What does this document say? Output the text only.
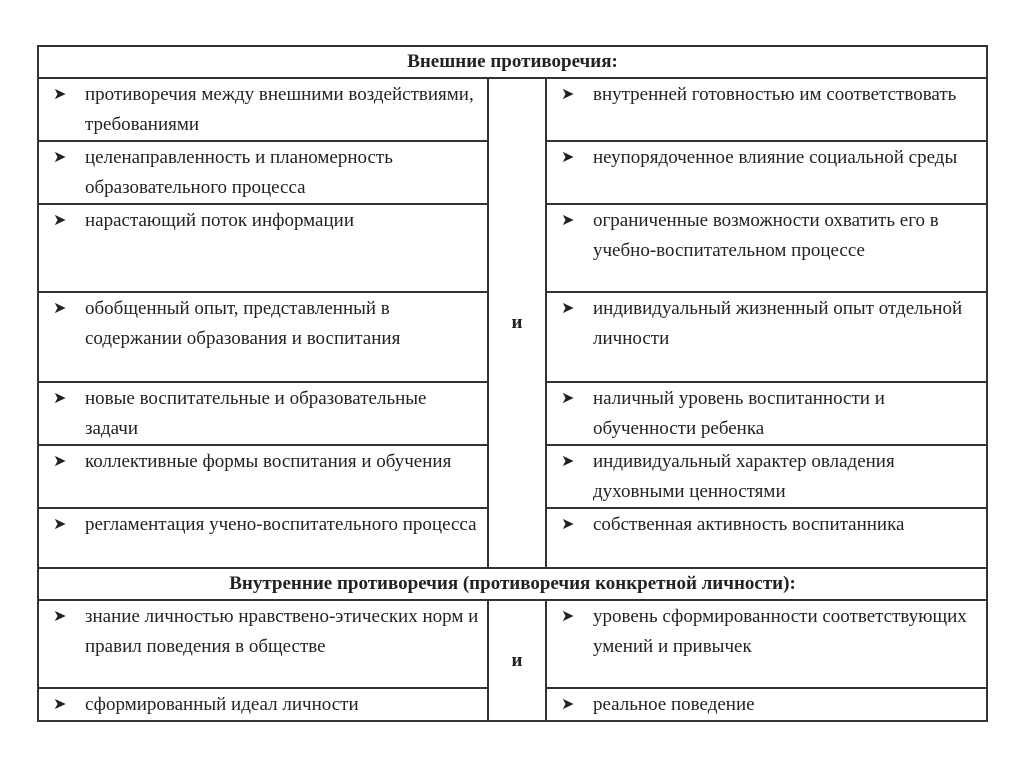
Внешние противоречия:		

➤ противоречия между внешними воздействиями, требованиями	и	➤ внутренней готовностью им соответствовать

➤ целенаправленность и планомерность образовательного процесса		➤ неупорядоченное влияние социальной среды

➤ нарастающий поток информации		➤ ограниченные возможности охватить его в учебно-воспитательном процессе

➤ обобщенный опыт, представленный в содержании образования и воспитания		➤ индивидуальный жизненный опыт отдельной личности

➤ новые воспитательные и образовательные задачи		➤ наличный уровень воспитанности и обученности ребенка

➤ коллективные формы воспитания и обучения		➤ индивидуальный характер овладения духовными ценностями

➤ регламентация учено-воспитательного процесса		➤ собственная активность воспитанника

Внутренние противоречия (противоречия конкретной личности):		

➤ знание личностью нравствено-этических норм и правил поведения в обществе	и	➤ уровень сформированности соответствующих умений и привычек

➤ сформированный идеал личности		➤ реальное поведение
